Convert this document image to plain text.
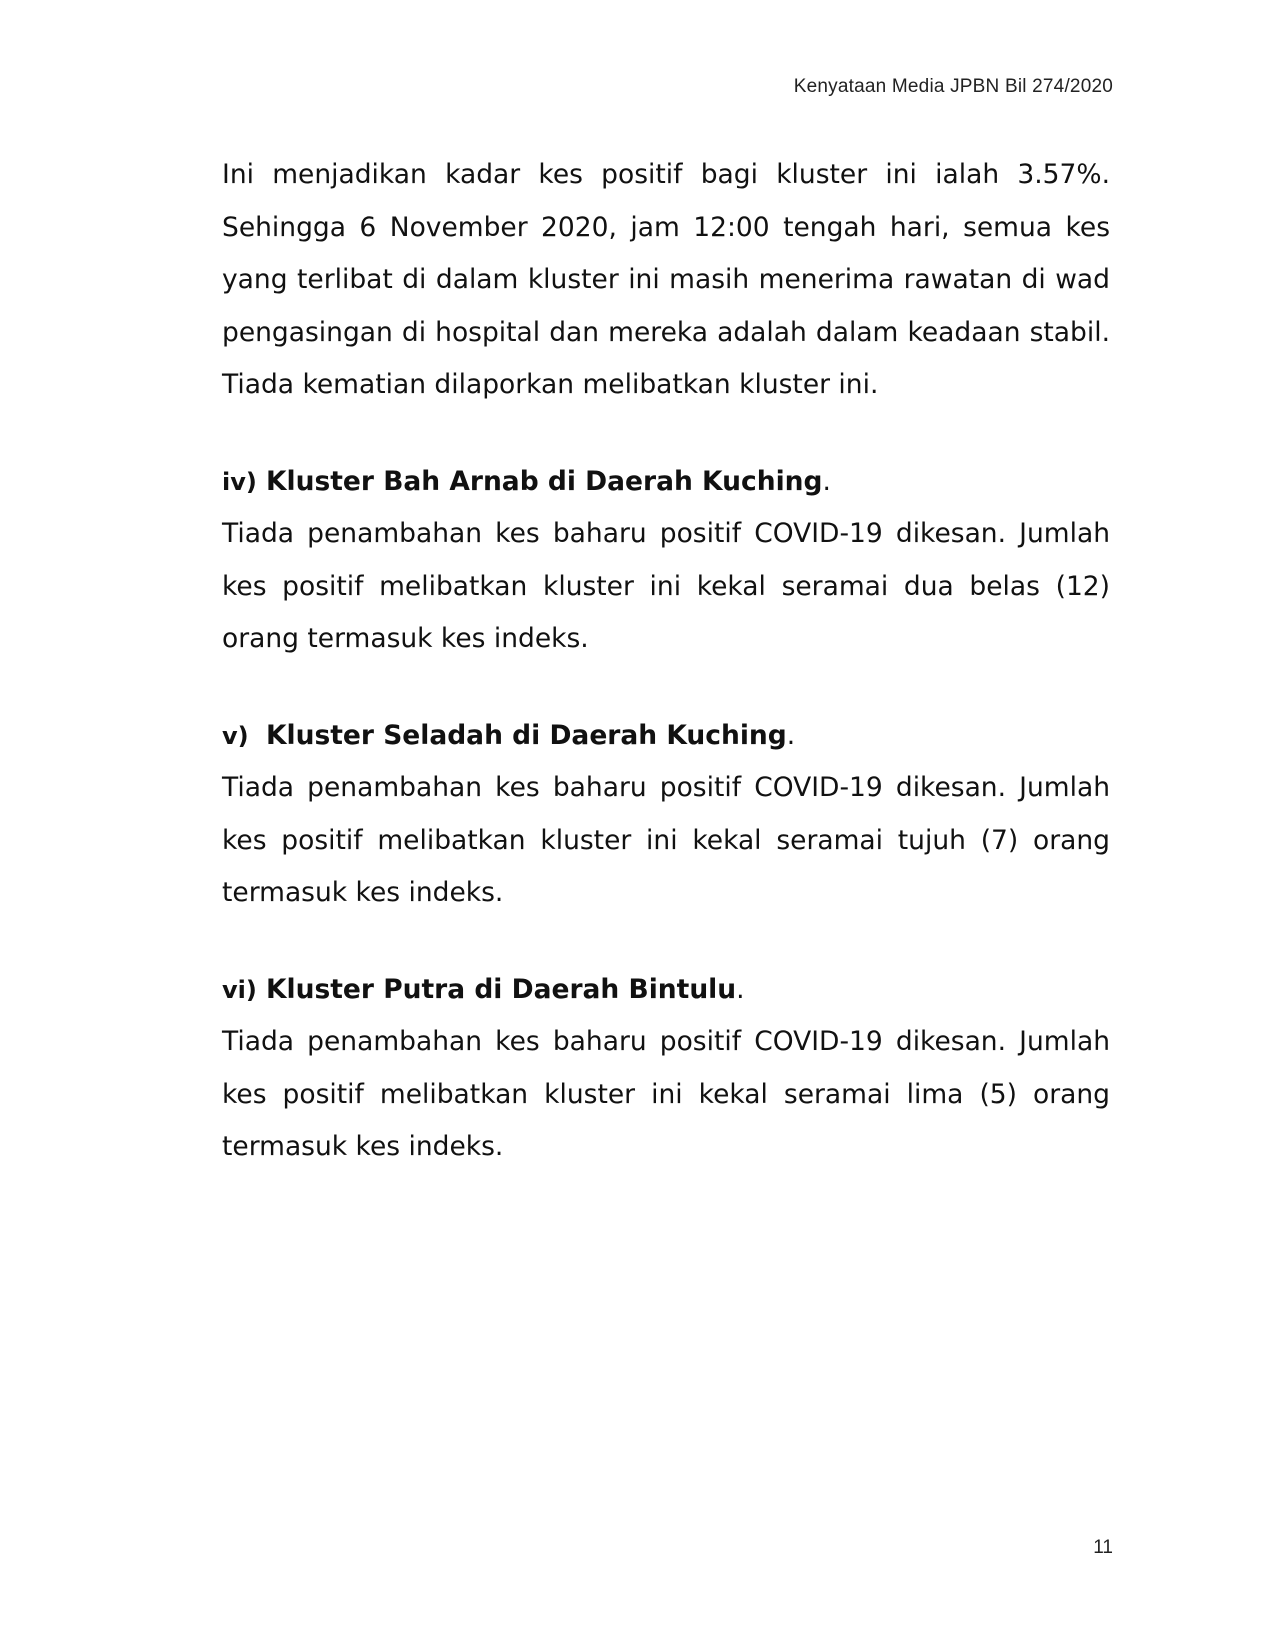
Kenyataan Media JPBN Bil 274/2020

Ini menjadikan kadar kes positif bagi kluster ini ialah 3.57%. Sehingga 6 November 2020, jam 12:00 tengah hari, semua kes yang terlibat di dalam kluster ini masih menerima rawatan di wad pengasingan di hospital dan mereka adalah dalam keadaan stabil. Tiada kematian dilaporkan melibatkan kluster ini.

iv) Kluster Bah Arnab di Daerah Kuching.

Tiada penambahan kes baharu positif COVID-19 dikesan. Jumlah kes positif melibatkan kluster ini kekal seramai dua belas (12) orang termasuk kes indeks.

v) Kluster Seladah di Daerah Kuching.

Tiada penambahan kes baharu positif COVID-19 dikesan. Jumlah kes positif melibatkan kluster ini kekal seramai tujuh (7) orang termasuk kes indeks.

vi) Kluster Putra di Daerah Bintulu.

Tiada penambahan kes baharu positif COVID-19 dikesan. Jumlah kes positif melibatkan kluster ini kekal seramai lima (5) orang termasuk kes indeks.

11
